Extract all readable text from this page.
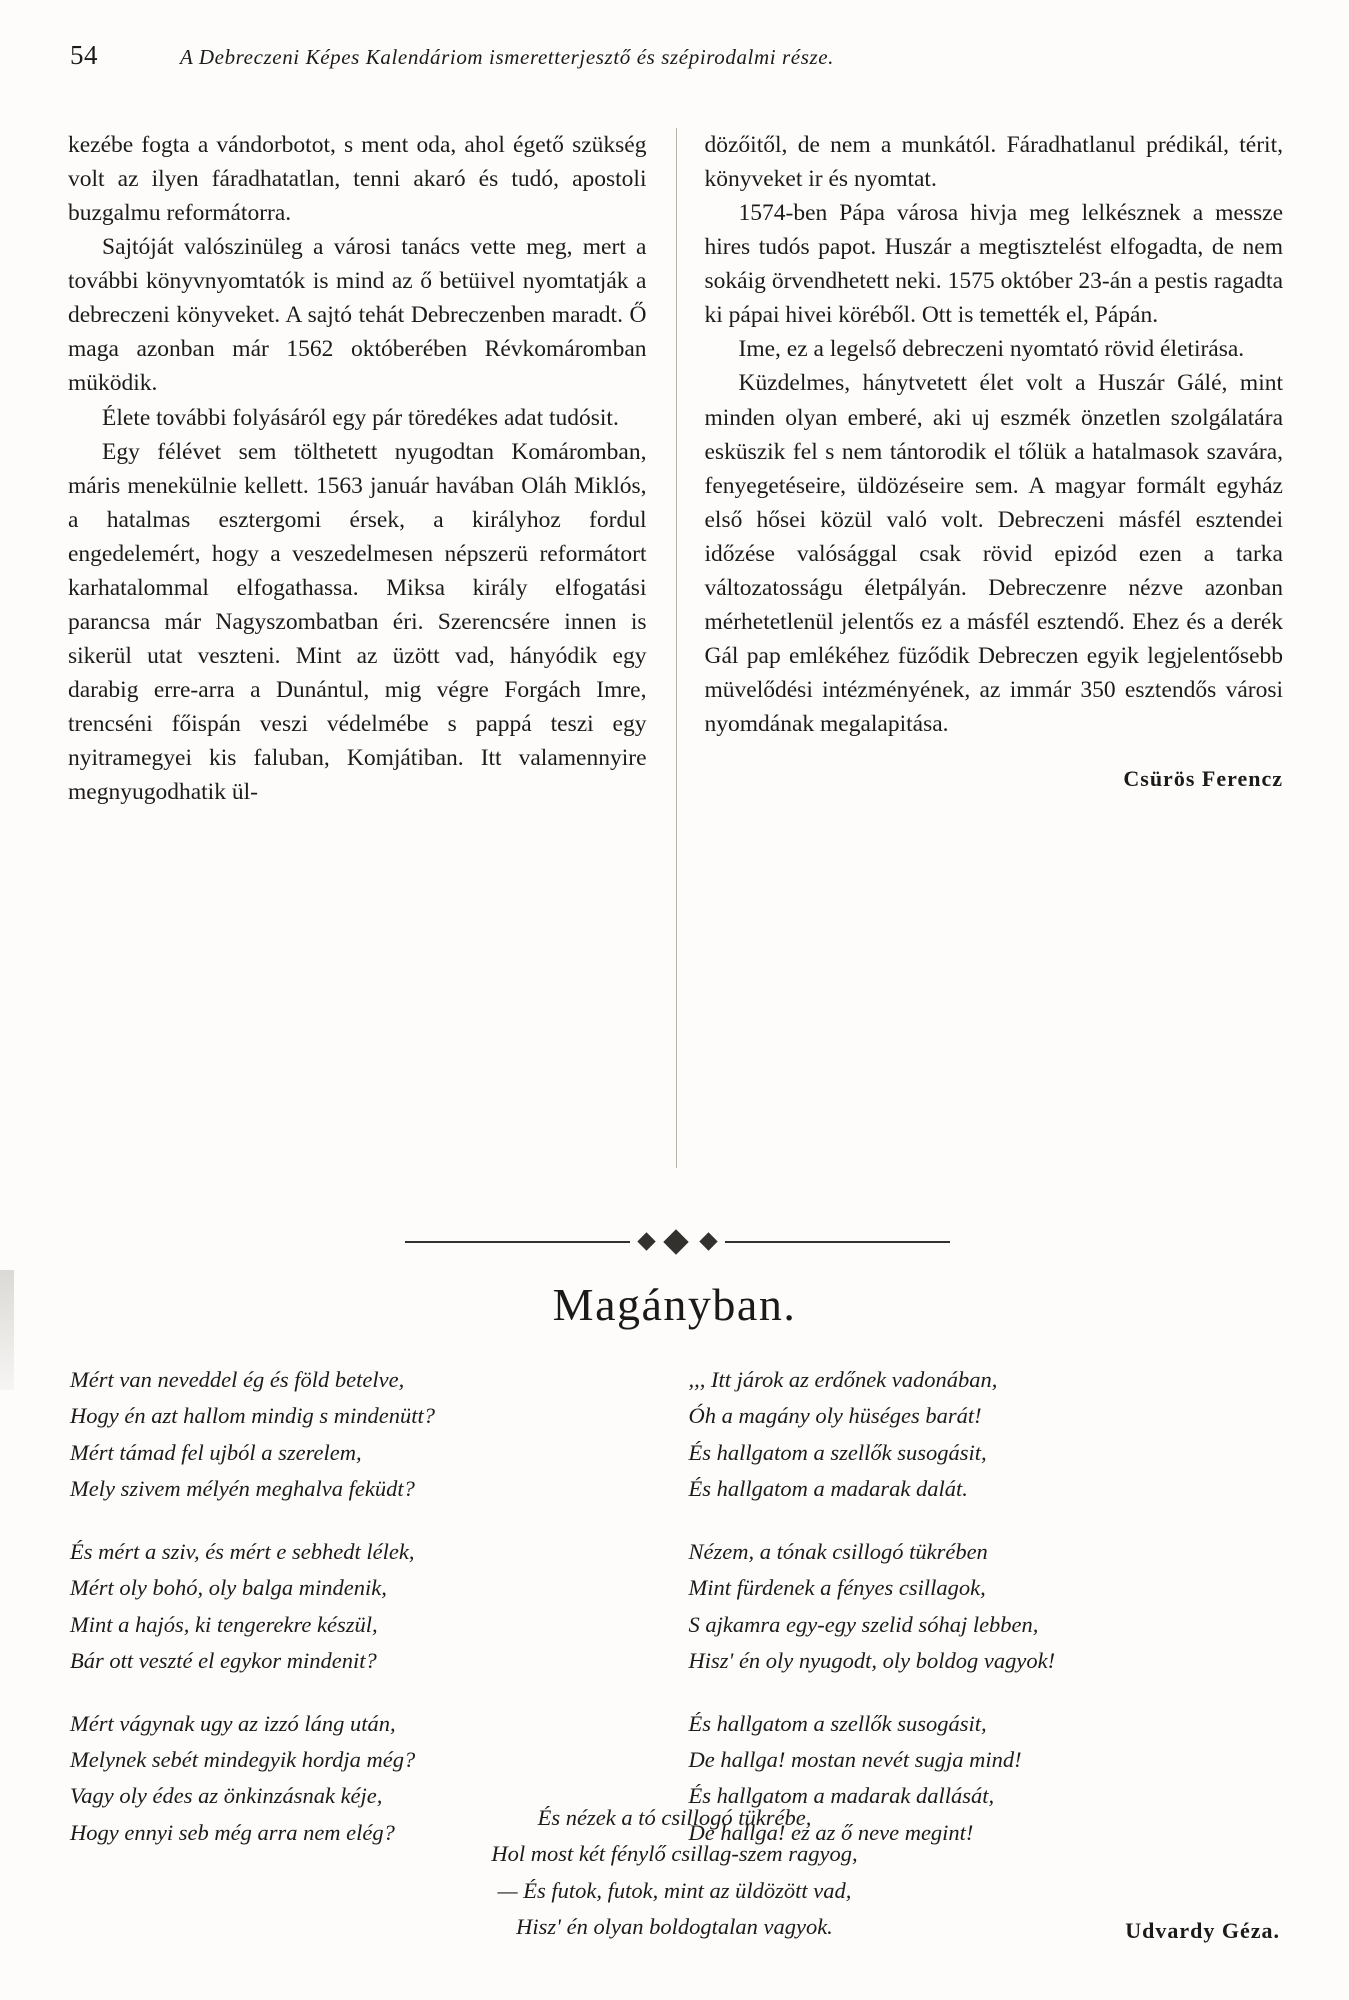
54	A Debreczeni Képes Kalendáriom ismeretterjesztő és szépirodalmi része.

kezébe fogta a vándorbotot, s ment oda, ahol égető szükség volt az ilyen fáradhatatlan, tenni akaró és tudó, apostoli buzgalmu reformátorra.

Sajtóját valószinüleg a városi tanács vette meg, mert a további könyvnyomtatók is mind az ő betüivel nyomtatják a debreczeni könyveket. A sajtó tehát Debreczenben maradt. Ő maga azonban már 1562 októberében Révkomáromban müködik.

Élete további folyásáról egy pár töredékes adat tudósit.

Egy félévet sem tölthetett nyugodtan Komáromban, máris menekülnie kellett. 1563 január havában Oláh Miklós, a hatalmas esztergomi érsek, a királyhoz fordul engedelemért, hogy a veszedelmesen népszerü reformátort karhatalommal elfogathassa. Miksa király elfogatási parancsa már Nagyszombatban éri. Szerencsére innen is sikerül utat veszteni. Mint az üzött vad, hányódik egy darabig erre-arra a Dunántul, mig végre Forgách Imre, trencséni főispán veszi védelmébe s pappá teszi egy nyitramegyei kis faluban, Komjátiban. Itt valamennyire megnyugodhatik ül-

dözőitől, de nem a munkától. Fáradhatlanul prédikál, térit, könyveket ir és nyomtat.

1574-ben Pápa városa hivja meg lelkésznek a messze hires tudós papot. Huszár a megtisztelést elfogadta, de nem sokáig örvendhetett neki. 1575 október 23-án a pestis ragadta ki pápai hivei köréből. Ott is temették el, Pápán.

Ime, ez a legelső debreczeni nyomtató rövid életirása.

Küzdelmes, hánytvetett élet volt a Huszár Gálé, mint minden olyan emberé, aki uj eszmék önzetlen szolgálatára esküszik fel s nem tántorodik el tőlük a hatalmasok szavára, fenyegetéseire, üldözéseire sem. A magyar formált egyház első hősei közül való volt. Debreczeni másfél esztendei időzése valósággal csak rövid epizód ezen a tarka változatosságu életpályán. Debreczenre nézve azonban mérhetetlenül jelentős ez a másfél esztendő. Ehez és a derék Gál pap emlékéhez füződik Debreczen egyik legjelentősebb müvelődési intézményének, az immár 350 esztendős városi nyomdának megalapitása.

Csürös Ferencz
Magányban.
Mért van neveddel ég és föld betelve,
Hogy én azt hallom mindig s mindenütt?
Mért támad fel ujból a szerelem,
Mely szivem mélyén meghalva feküdt?
És mért a sziv, és mért e sebhedt lélek,
Mért oly bohó, oly balga mindenik,
Mint a hajós, ki tengerekre készül,
Bár ott veszté el egykor mindenit?
Mért vágynak ugy az izzó láng után,
Melynek sebét mindegyik hordja még?
Vagy oly édes az önkinzásnak kéje,
Hogy ennyi seb még arra nem elég?
,,, Itt járok az erdőnek vadonában,
Óh a magány oly hüséges barát!
És hallgatom a szellők susogásit,
És hallgatom a madarak dalát.
Nézem, a tónak csillogó tükrében
Mint fürdenek a fényes csillagok,
S ajkamra egy-egy szelid sóhaj lebben,
Hisz' én oly nyugodt, oly boldog vagyok!
És hallgatom a szellők susogásit,
De hallga! mostan nevét sugja mind!
És hallgatom a madarak dallását,
De hallga! ez az ő neve megint!
És nézek a tó csillogó tükrébe,
Hol most két fénylő csillag-szem ragyog,
— És futok, futok, mint az üldözött vad,
Hisz' én olyan boldogtalan vagyok.	Udvardy Géza.
